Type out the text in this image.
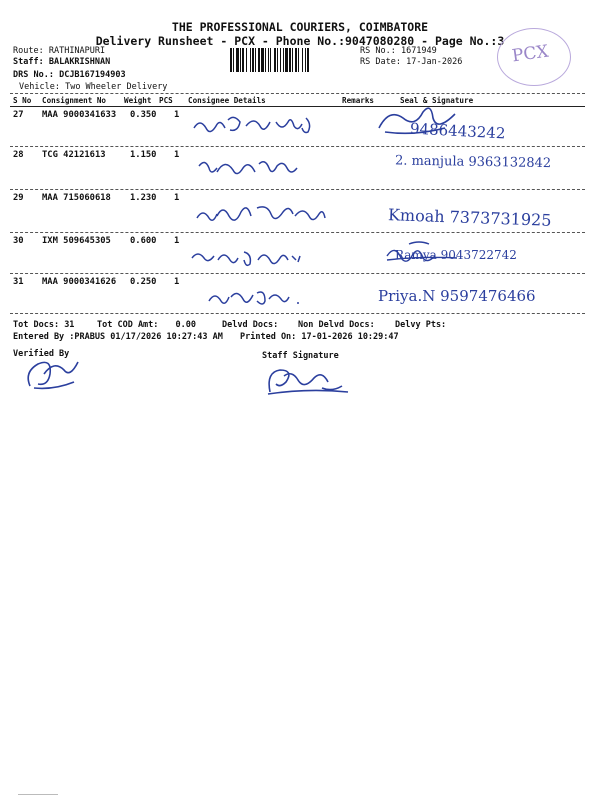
THE PROFESSIONAL COURIERS, COIMBATORE
Delivery Runsheet - PCX - Phone No.:9047080280 - Page No.:3
PCX
Route: RATHINAPURI
Staff: BALAKRISHNAN
DRS No.: DCJB167194903
Vehicle: Two Wheeler Delivery
RS No.: 1671949
RS Date: 17-Jan-2026
S No Consignment No Weight PCS Consignee Details	Remarks	Seal & Signature
27 MAA 9000341633 0.350 1
9486443242
28 TCG 42121613	1.150 1	2. manjula 9363132842
29 MAA 715060618 1.230 1
Kmoah 7373731925
30 IXM 509645305 0.600 1
Ramya 9043722742
31 MAA 9000341626 0.250 1
Priya.N 9597476466
Tot Docs: 31	Tot COD Amt: 0.00	Delvd Docs: Non Delvd Docs: Delvy Pts:
Entered By :PRABUS 01/17/2026 10:27:43 AM Printed On: 17-01-2026 10:29:47
Verified By	Staff Signature
